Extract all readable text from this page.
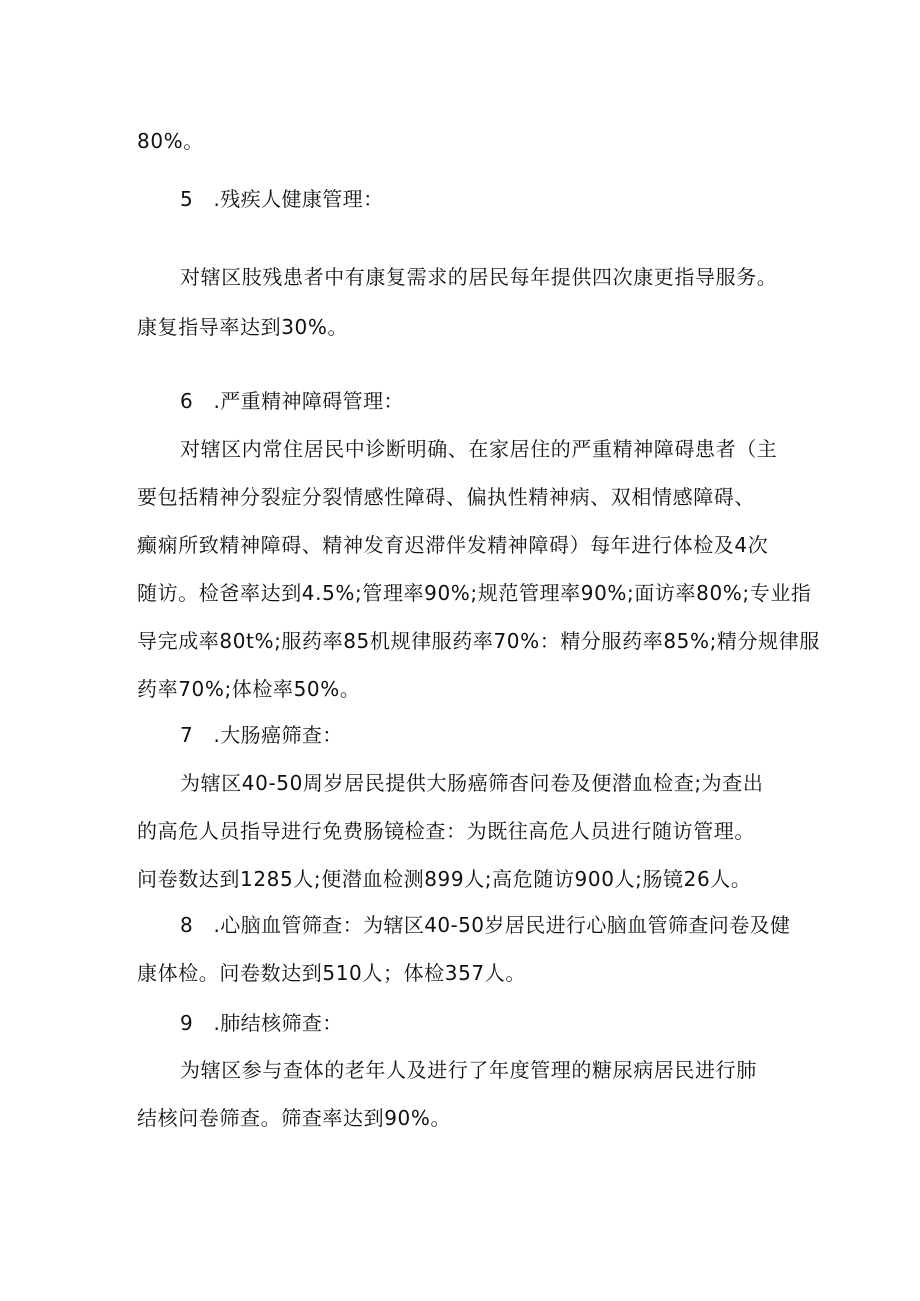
80%。
5　.残疾人健康管理：
对辖区肢残患者中有康复需求的居民每年提供四次康更指导服务。
康复指导率达到30%。
6　.严重精神障碍管理：
对辖区内常住居民中诊断明确、在家居住的严重精神障碍患者（主
要包括精神分裂症分裂情感性障碍、偏执性精神病、双相情感障碍、
癫痫所致精神障碍、精神发育迟滞伴发精神障碍）每年进行体检及4次
随访。检爸率达到4.5%;管理率90%;规范管理率90%;面访率80%;专业指
导完成率80t%;服药率85机规律服药率70%：精分服药率85%;精分规律服
药率70%;体检率50%。
7　.大肠癌筛查：
为辖区40-50周岁居民提供大肠癌筛杳问卷及便潜血检查;为查出
的高危人员指导进行免费肠镜检查：为既往高危人员进行随访管理。
问卷数达到1285人;便潜血检测899人;高危随访900人;肠镜26人。
8　.心脑血管筛查：为辖区40-50岁居民进行心脑血管筛查问卷及健
康体检。问卷数达到510人；体检357人。
9　.肺结核筛查：
为辖区参与查体的老年人及进行了年度管理的糖尿病居民进行肺
结核问卷筛查。筛查率达到90%。
